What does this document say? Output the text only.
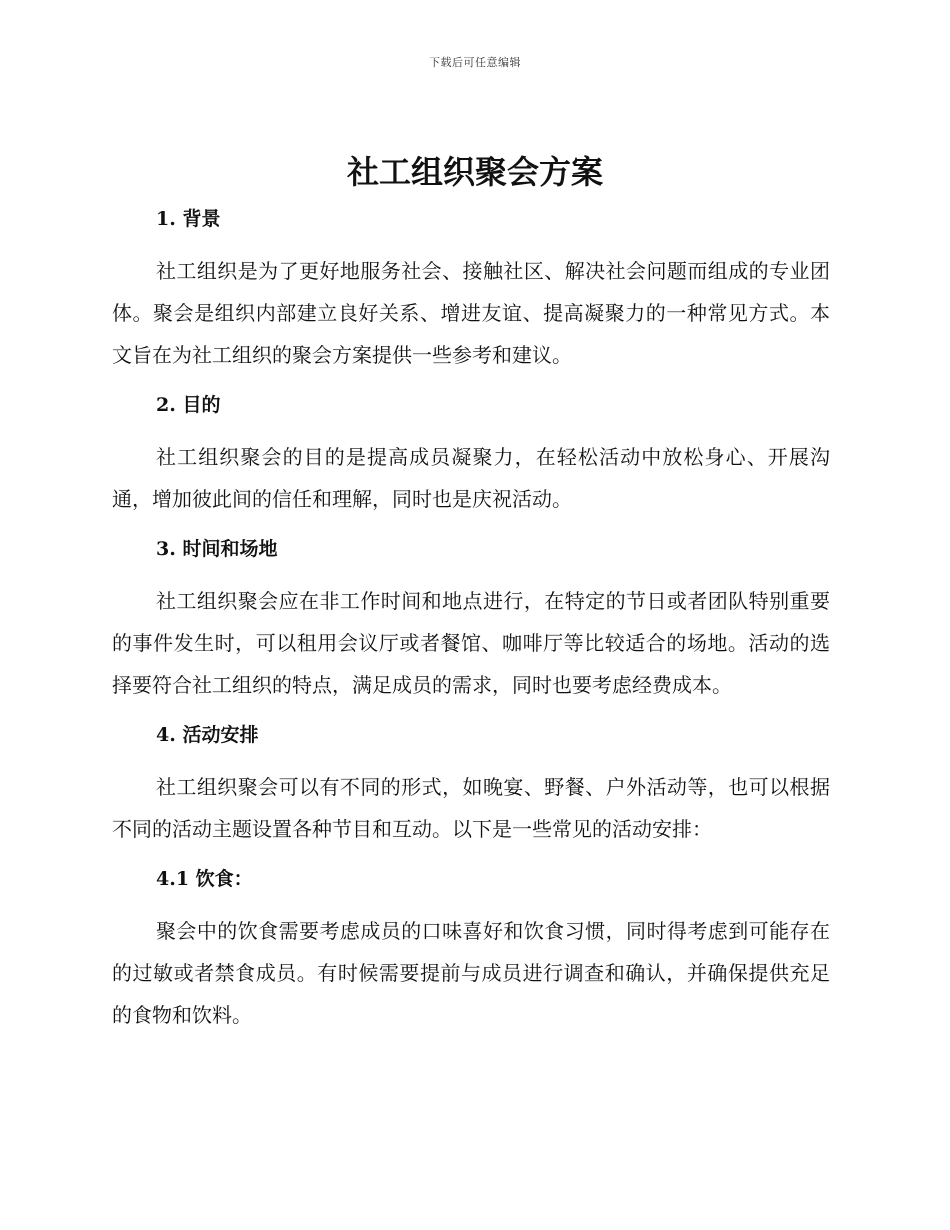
下载后可任意编辑
社工组织聚会方案
1. 背景

社工组织是为了更好地服务社会、接触社区、解决社会问题而组成的专业团体。聚会是组织内部建立良好关系、增进友谊、提高凝聚力的一种常见方式。本文旨在为社工组织的聚会方案提供一些参考和建议。

2. 目的

社工组织聚会的目的是提高成员凝聚力，在轻松活动中放松身心、开展沟通，增加彼此间的信任和理解，同时也是庆祝活动。

3. 时间和场地

社工组织聚会应在非工作时间和地点进行，在特定的节日或者团队特别重要的事件发生时，可以租用会议厅或者餐馆、咖啡厅等比较适合的场地。活动的选择要符合社工组织的特点，满足成员的需求，同时也要考虑经费成本。

4. 活动安排

社工组织聚会可以有不同的形式，如晚宴、野餐、户外活动等，也可以根据不同的活动主题设置各种节目和互动。以下是一些常见的活动安排：

4.1 饮食：

聚会中的饮食需要考虑成员的口味喜好和饮食习惯，同时得考虑到可能存在的过敏或者禁食成员。有时候需要提前与成员进行调查和确认，并确保提供充足的食物和饮料。
